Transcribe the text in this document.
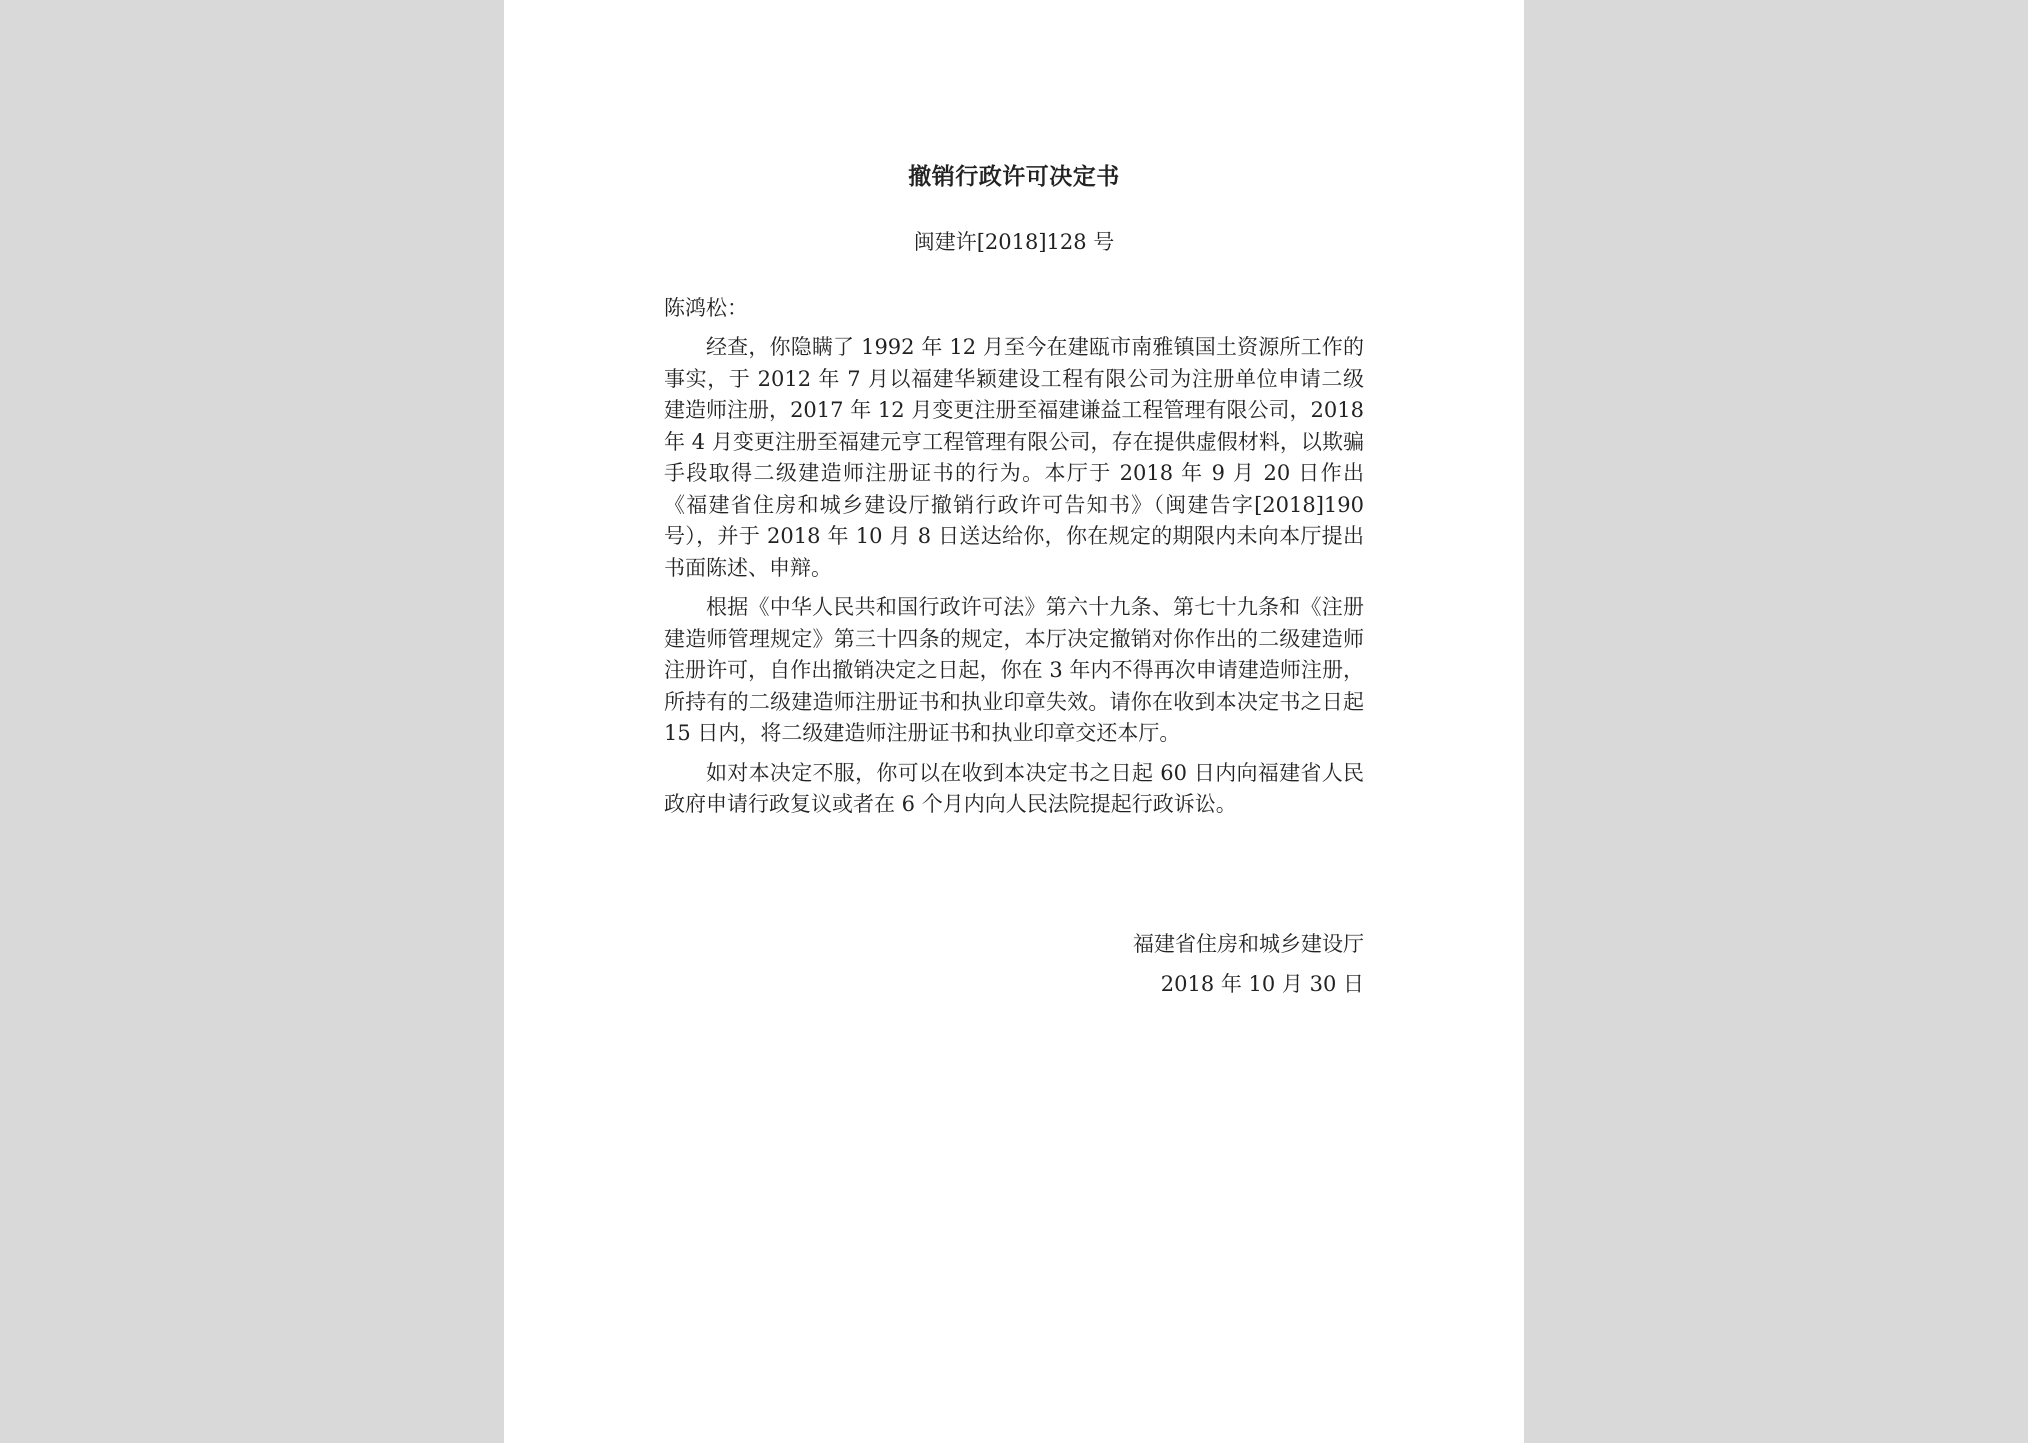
撤销行政许可决定书
闽建许[2018]128 号
陈鸿松：

经查，你隐瞒了 1992 年 12 月至今在建瓯市南雅镇国土资源所工作的事实，于 2012 年 7 月以福建华颖建设工程有限公司为注册单位申请二级建造师注册，2017 年 12 月变更注册至福建谦益工程管理有限公司，2018 年 4 月变更注册至福建元亨工程管理有限公司，存在提供虚假材料，以欺骗手段取得二级建造师注册证书的行为。本厅于 2018 年 9 月 20 日作出《福建省住房和城乡建设厅撤销行政许可告知书》（闽建告字[2018]190 号），并于 2018 年 10 月 8 日送达给你，你在规定的期限内未向本厅提出书面陈述、申辩。

根据《中华人民共和国行政许可法》第六十九条、第七十九条和《注册建造师管理规定》第三十四条的规定，本厅决定撤销对你作出的二级建造师注册许可，自作出撤销决定之日起，你在 3 年内不得再次申请建造师注册，所持有的二级建造师注册证书和执业印章失效。请你在收到本决定书之日起 15 日内，将二级建造师注册证书和执业印章交还本厅。

如对本决定不服，你可以在收到本决定书之日起 60 日内向福建省人民政府申请行政复议或者在 6 个月内向人民法院提起行政诉讼。

福建省住房和城乡建设厅
2018 年 10 月 30 日
